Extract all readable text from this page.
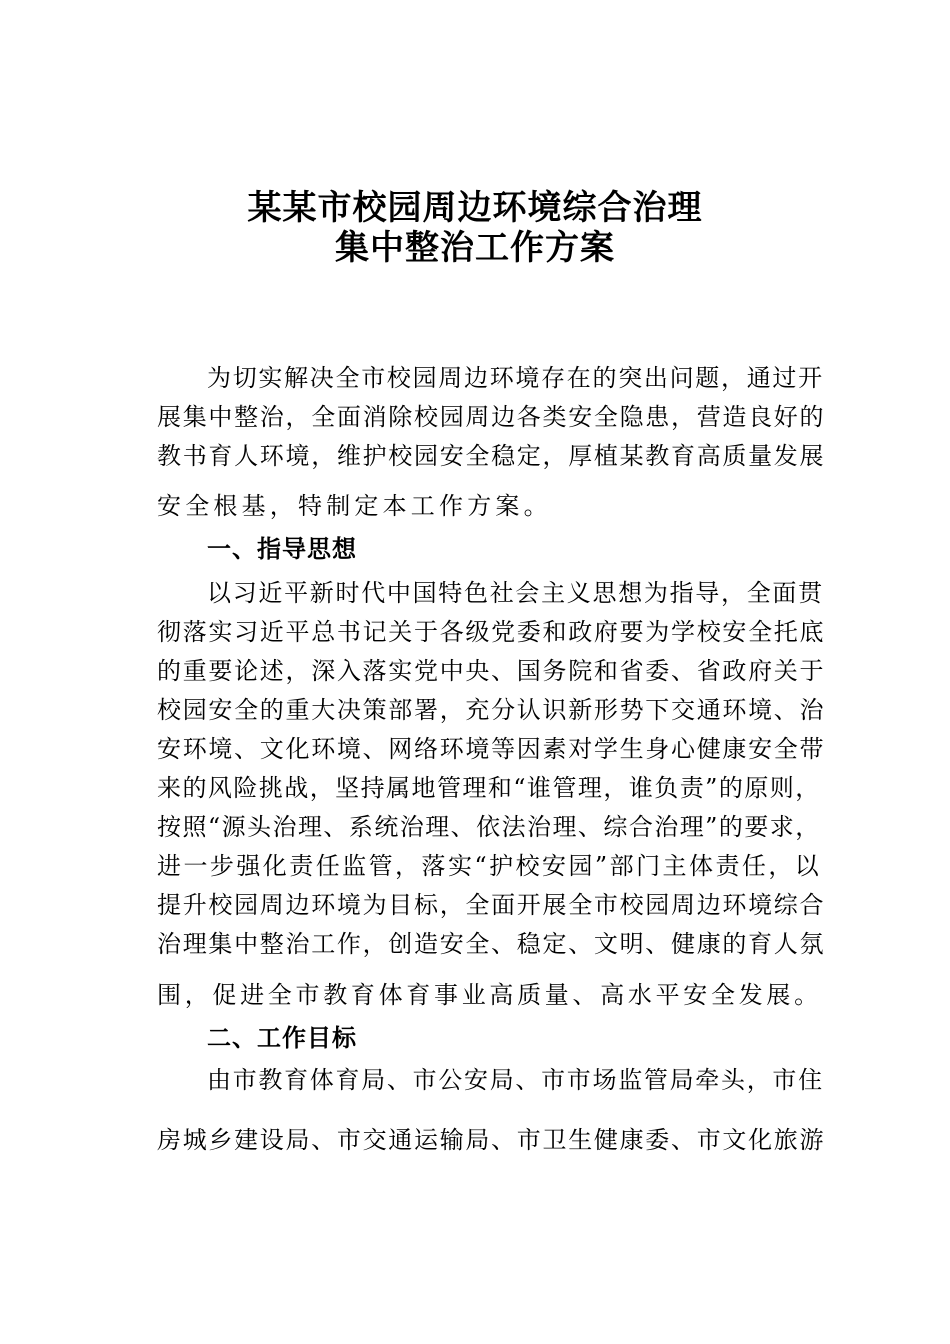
某某市校园周边环境综合治理
集中整治工作方案
为切实解决全市校园周边环境存在的突出问题，通过开
展集中整治，全面消除校园周边各类安全隐患，营造良好的
教书育人环境，维护校园安全稳定，厚植某教育高质量发展
安全根基，特制定本工作方案。
一、指导思想
以习近平新时代中国特色社会主义思想为指导，全面贯
彻落实习近平总书记关于各级党委和政府要为学校安全托底
的重要论述，深入落实党中央、国务院和省委、省政府关于
校园安全的重大决策部署，充分认识新形势下交通环境、治
安环境、文化环境、网络环境等因素对学生身心健康安全带
来的风险挑战，坚持属地管理和“谁管理，谁负责”的原则，
按照“源头治理、系统治理、依法治理、综合治理”的要求，
进一步强化责任监管，落实“护校安园”部门主体责任，以
提升校园周边环境为目标，全面开展全市校园周边环境综合
治理集中整治工作，创造安全、稳定、文明、健康的育人氛
围，促进全市教育体育事业高质量、高水平安全发展。
二、工作目标
由市教育体育局、市公安局、市市场监管局牵头，市住
房城乡建设局、市交通运输局、市卫生健康委、市文化旅游
